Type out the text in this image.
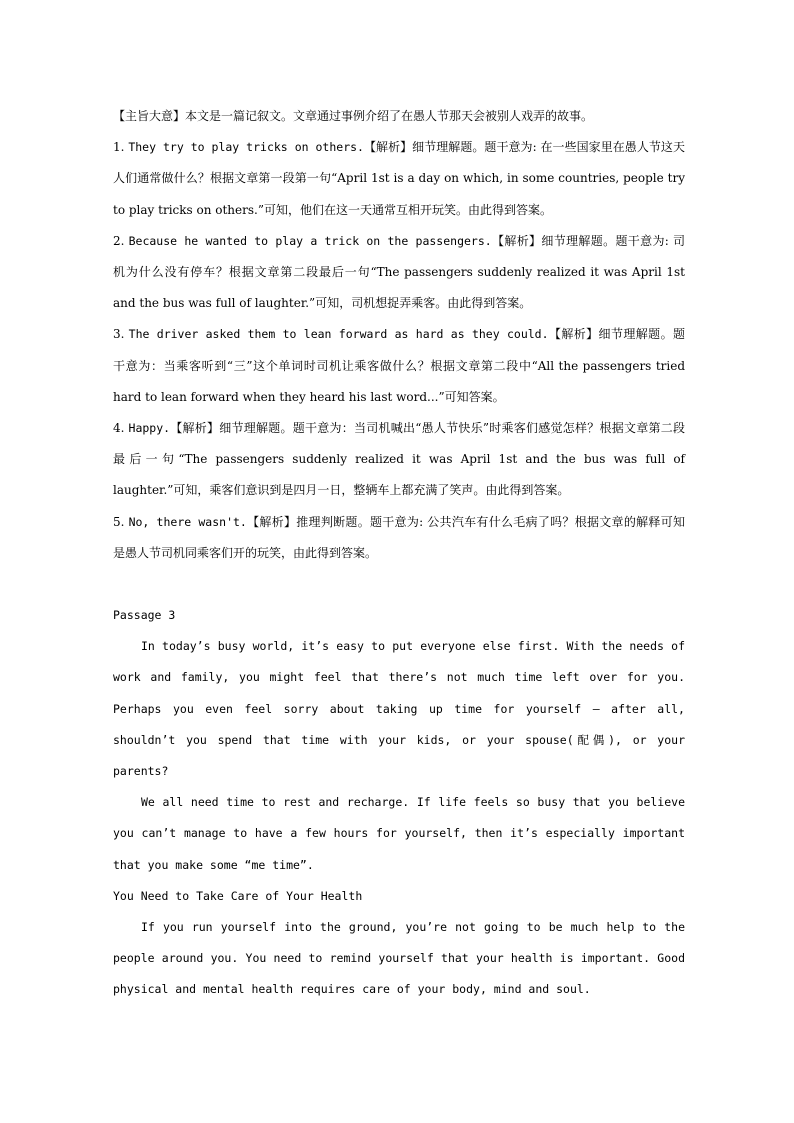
【主旨大意】本文是一篇记叙文。文章通过事例介绍了在愚人节那天会被别人戏弄的故事。

1. They try to play tricks on others.【解析】细节理解题。题干意为: 在一些国家里在愚人节这天人们通常做什么？根据文章第一段第一句“April 1st is a day on which, in some countries, people try to play tricks on others.”可知，他们在这一天通常互相开玩笑。由此得到答案。

2. Because he wanted to play a trick on the passengers.【解析】细节理解题。题干意为: 司机为什么没有停车？根据文章第二段最后一句“The passengers suddenly realized it was April 1st and the bus was full of laughter.”可知，司机想捉弄乘客。由此得到答案。

3. The driver asked them to lean forward as hard as they could.【解析】细节理解题。题干意为：当乘客听到“三”这个单词时司机让乘客做什么？根据文章第二段中“All the passengers tried hard to lean forward when they heard his last word...”可知答案。

4. Happy.【解析】细节理解题。题干意为：当司机喊出“愚人节快乐”时乘客们感觉怎样？根据文章第二段最后一句“The passengers suddenly realized it was April 1st and the bus was full of laughter.”可知，乘客们意识到是四月一日，整辆车上都充满了笑声。由此得到答案。

5. No, there wasn't.【解析】推理判断题。题干意为: 公共汽车有什么毛病了吗？根据文章的解释可知是愚人节司机同乘客们开的玩笑，由此得到答案。

Passage 3

In today’s busy world, it’s easy to put everyone else first. With the needs of work and family, you might feel that there’s not much time left over for you. Perhaps you even feel sorry about taking up time for yourself — after all, shouldn’t you spend that time with your kids, or your spouse(配偶), or your parents?

We all need time to rest and recharge. If life feels so busy that you believe you can’t manage to have a few hours for yourself, then it’s especially important that you make some “me time”.

You Need to Take Care of Your Health

If you run yourself into the ground, you’re not going to be much help to the people around you. You need to remind yourself that your health is important. Good physical and mental health requires care of your body, mind and soul.
